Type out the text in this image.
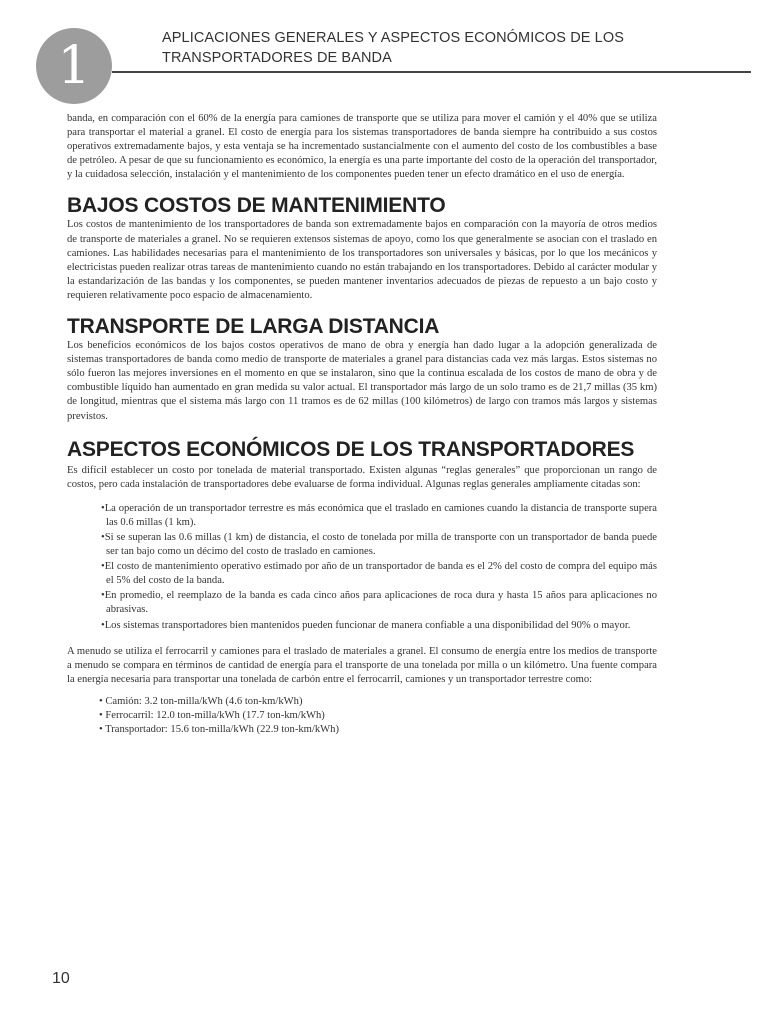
1	APLICACIONES GENERALES Y ASPECTOS ECONÓMICOS DE LOS TRANSPORTADORES DE BANDA

banda, en comparación con el 60% de la energía para camiones de transporte que se utiliza para mover el camión y el 40% que se utiliza para transportar el material a granel. El costo de energía para los sistemas transportadores de banda siempre ha contribuido a sus costos operativos extremadamente bajos, y esta ventaja se ha incrementado sustancialmente con el aumento del costo de los combustibles a base de petróleo. A pesar de que su funcionamiento es económico, la energía es una parte importante del costo de la operación del transportador, y la cuidadosa selección, instalación y el mantenimiento de los componentes pueden tener un efecto dramático en el uso de energía.

BAJOS COSTOS DE MANTENIMIENTO

Los costos de mantenimiento de los transportadores de banda son extremadamente bajos en comparación con la mayoría de otros medios de transporte de materiales a granel. No se requieren extensos sistemas de apoyo, como los que generalmente se asocian con el traslado en camiones. Las habilidades necesarias para el mantenimiento de los transportadores son universales y básicas, por lo que los mecánicos y electricistas pueden realizar otras tareas de mantenimiento cuando no están trabajando en los transportadores. Debido al carácter modular y la estandarización de las bandas y los componentes, se pueden mantener inventarios adecuados de piezas de repuesto a un bajo costo y requieren relativamente poco espacio de almacenamiento.

TRANSPORTE DE LARGA DISTANCIA

Los beneficios económicos de los bajos costos operativos de mano de obra y energía han dado lugar a la adopción generalizada de sistemas transportadores de banda como medio de transporte de materiales a granel para distancias cada vez más largas. Estos sistemas no sólo fueron las mejores inversiones en el momento en que se instalaron, sino que la continua escalada de los costos de mano de obra y de combustible líquido han aumentado en gran medida su valor actual. El transportador más largo de un solo tramo es de 21,7 millas (35 km) de longitud, mientras que el sistema más largo con 11 tramos es de 62 millas (100 kilómetros) de largo con tramos más largos y sistemas previstos.

ASPECTOS ECONÓMICOS DE LOS TRANSPORTADORES

Es difícil establecer un costo por tonelada de material transportado. Existen algunas “reglas generales” que proporcionan un rango de costos, pero cada instalación de transportadores debe evaluarse de forma individual. Algunas reglas generales ampliamente citadas son:

•La operación de un transportador terrestre es más económica que el traslado en camiones cuando la distancia de transporte supera las 0.6 millas (1 km).
•Si se superan las 0.6 millas (1 km) de distancia, el costo de tonelada por milla de transporte con un transportador de banda puede ser tan bajo como un décimo del costo de traslado en camiones.
•El costo de mantenimiento operativo estimado por año de un transportador de banda es el 2% del costo de compra del equipo más el 5% del costo de la banda.
•En promedio, el reemplazo de la banda es cada cinco años para aplicaciones de roca dura y hasta 15 años para aplicaciones no abrasivas.
•Los sistemas transportadores bien mantenidos pueden funcionar de manera confiable a una disponibilidad del 90% o mayor.

A menudo se utiliza el ferrocarril y camiones para el traslado de materiales a granel. El consumo de energía entre los medios de transporte a menudo se compara en términos de cantidad de energía para el transporte de una tonelada por milla o un kilómetro. Una fuente compara la energía necesaria para transportar una tonelada de carbón entre el ferrocarril, camiones y un transportador terrestre como:

• Camión: 3.2 ton-milla/kWh (4.6 ton-km/kWh)
• Ferrocarril: 12.0 ton-milla/kWh (17.7 ton-km/kWh)
• Transportador: 15.6 ton-milla/kWh (22.9 ton-km/kWh)
10
